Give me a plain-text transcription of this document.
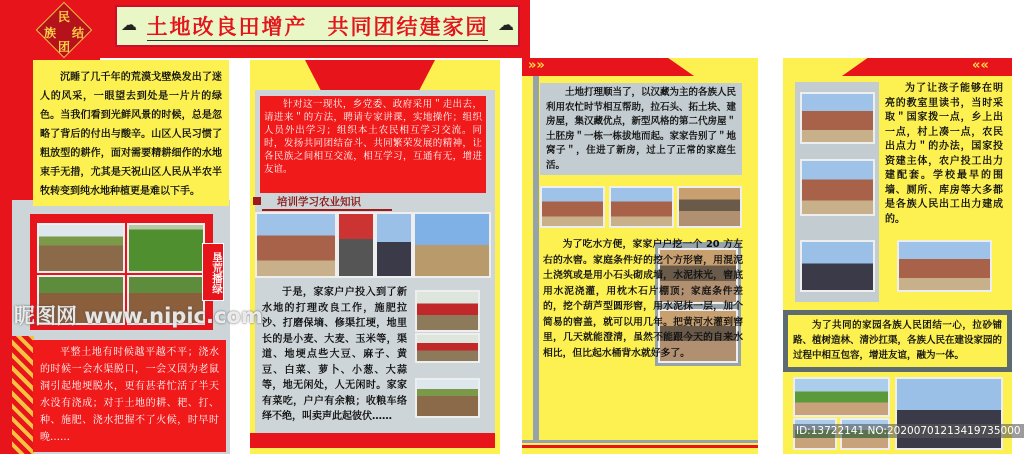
☁ 土地改良田增产 共同团结建家园 ☁
民
族 结
团

沉睡了几千年的荒漠戈壁焕发出了迷人的风采，一眼望去到处是一片片的绿色。当我们看到光鲜风景的时候，总是忽略了背后的付出与酸辛。山区人民习惯了粗放型的耕作，面对需要精耕细作的水地束手无措，尤其是天祝山区人民从半农半牧转变到纯水地种植更是难以下手。

垦荒播绿

平整土地有时候越平越不平；浇水的时候一会水渠脱口，一会又因为老鼠洞引起地埂脱水，更有甚者忙活了半天水没有浇成；对于土地的耕、耙、打、种、施肥、浇水把握不了火候，时早时晚……

针对这一现状，乡党委、政府采用＂走出去，请进来＂的方法，聘请专家讲课，实地操作；组织人员外出学习；组织本土农民相互学习交流。同时，发扬共同团结奋斗、共同繁荣发展的精神，让各民族之间相互交流，相互学习，互通有无，增进友谊。

培训学习农业知识

于是，家家户户投入到了新水地的打理改良工作，施肥拉沙、打磨保墒、修渠扛埂，地里长的是小麦、大麦、玉米等，渠道、地埂点些大豆、麻子、黄豆、白菜、萝卜、小葱、大蒜等，地无闲处，人无闲时。家家有菜吃，户户有余粮；收粮车络绎不绝，叫卖声此起彼伏……

»»

土地打理顺当了，以汉藏为主的各族人民利用农忙时节相互帮助，拉石头、拓土块、建房屋，集汉藏优点，新型风格的第二代房屋＂土胚房＂一栋一栋拔地而起。家家告别了＂地窝子＂，住进了新房，过上了正常的家庭生活。

为了吃水方便，家家户户挖一个 20 方左右的水窖。家庭条件好的挖个方形窖，用混泥土浇筑或是用小石头砌成墙，水泥抹光，窖底用水泥浇灌，用枕木石片棚顶；家庭条件差的，挖个葫芦型圆形窖，用水泥抹一层，加个简易的窖盖，就可以用几年。把黄河水灌到窖里，几天就能澄清，虽然不能跟今天的自来水相比，但比起水桶背水就好多了。

««

为了让孩子能够在明亮的教室里读书，当时采取＂国家拨一点，乡上出一点，村上凑一点，农民出点力＂的办法，国家投资建主体，农户投工出力建配套。学校最早的围墙、厕所、库房等大多都是各族人民出工出力建成的。

为了共同的家园各族人民团结一心，拉砂铺路、植树造林、清沙扛渠，各族人民在建设家园的过程中相互包容，增进友谊，融为一体。

昵图网 www.nipic.com
ID:13722141 NO:20200701213419735000
